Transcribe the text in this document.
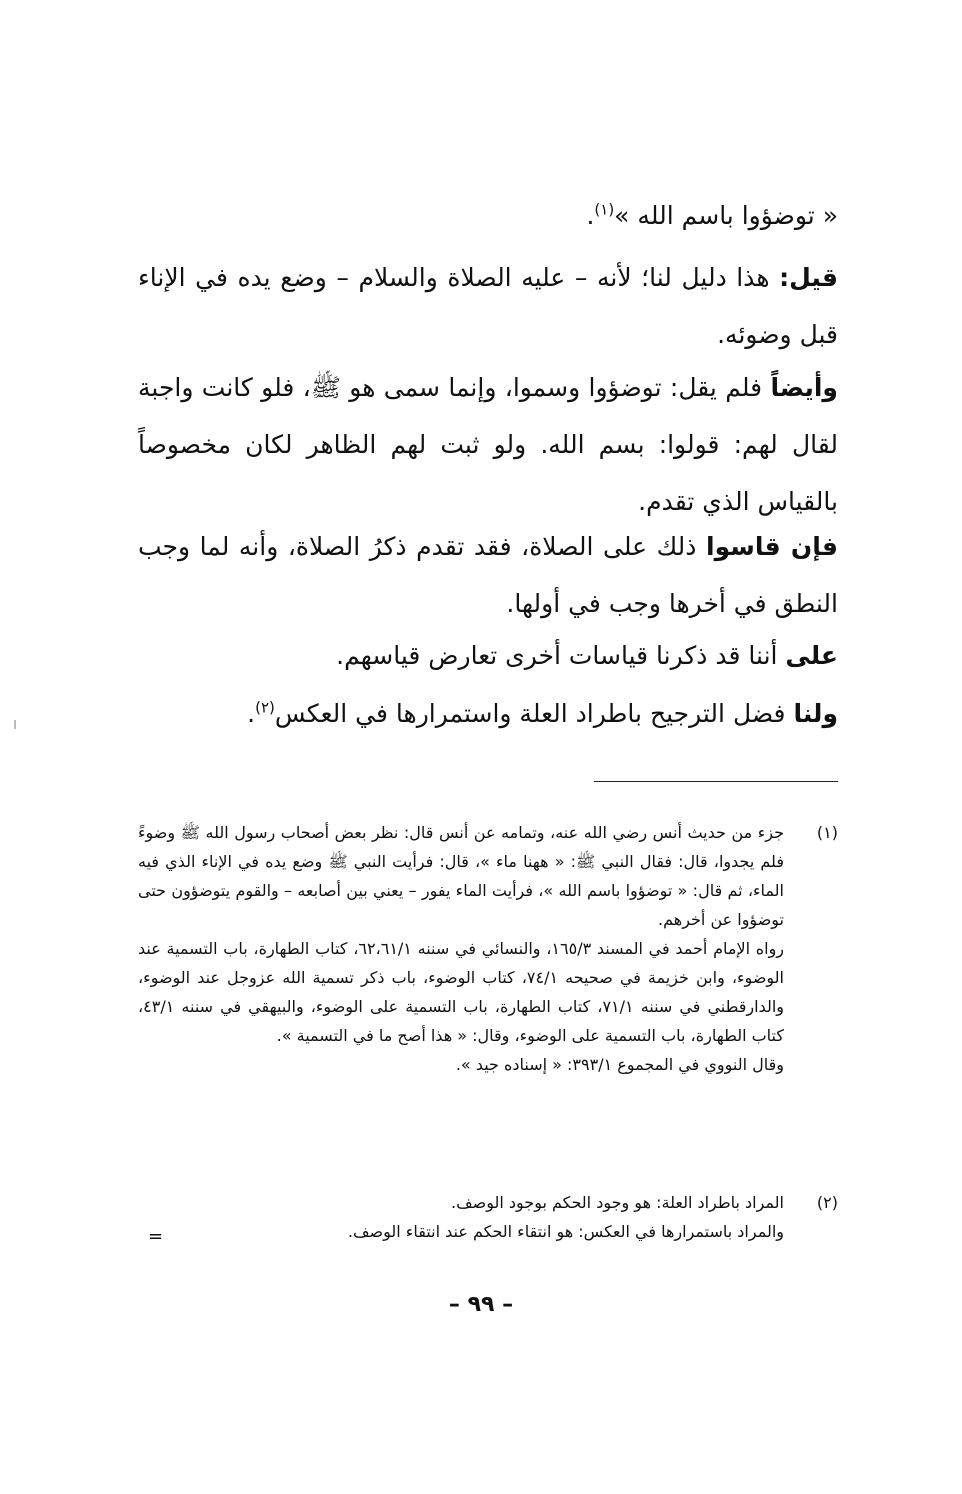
« توضؤوا باسم الله »$^{(١)}$.

قيل: هذا دليل لنا؛ لأنه – عليه الصلاة والسلام – وضع يده في الإناء قبل وضوئه.

وأيضاً فلم يقل: توضؤوا وسموا، وإنما سمى هو ﷺ، فلو كانت واجبة لقال لهم: قولوا: بسم الله. ولو ثبت لهم الظاهر لكان مخصوصاً بالقياس الذي تقدم.

فإن قاسوا ذلك على الصلاة، فقد تقدم ذكرُ الصلاة، وأنه لما وجب النطق في أخرها وجب في أولها.

على أننا قد ذكرنا قياسات أخرى تعارض قياسهم.

ولنا فضل الترجيح باطراد العلة واستمرارها في العكس$^{(٢)}$.

(١)

جزء من حديث أنس رضي الله عنه، وتمامه عن أنس قال: نظر بعض أصحاب رسول الله ﷺ وضوءً فلم يجدوا، قال: فقال النبي ﷺ: « ههنا ماء »، قال: فرأيت النبي ﷺ وضع يده في الإناء الذي فيه الماء، ثم قال: « توضؤوا باسم الله »، فرأيت الماء يفور – يعني بين أصابعه – والقوم يتوضؤون حتى توضؤوا عن أخرهم.

رواه الإمام أحمد في المسند ١٦٥/٣، والنسائي في سننه ٦٢،٦١/١، كتاب الطهارة، باب التسمية عند الوضوء، وابن خزيمة في صحيحه ٧٤/١، كتاب الوضوء، باب ذكر تسمية الله عزوجل عند الوضوء، والدارقطني في سننه ٧١/١، كتاب الطهارة، باب التسمية على الوضوء، والبيهقي في سننه ٤٣/١، كتاب الطهارة، باب التسمية على الوضوء، وقال: « هذا أصح ما في التسمية ».

وقال النووي في المجموع ٣٩٣/١: « إسناده جيد ».

(٢)

المراد باطراد العلة: هو وجود الحكم بوجود الوصف.

والمراد باستمرارها في العكس: هو انتقاء الحكم عند انتقاء الوصف.

=
– ٩٩ –
